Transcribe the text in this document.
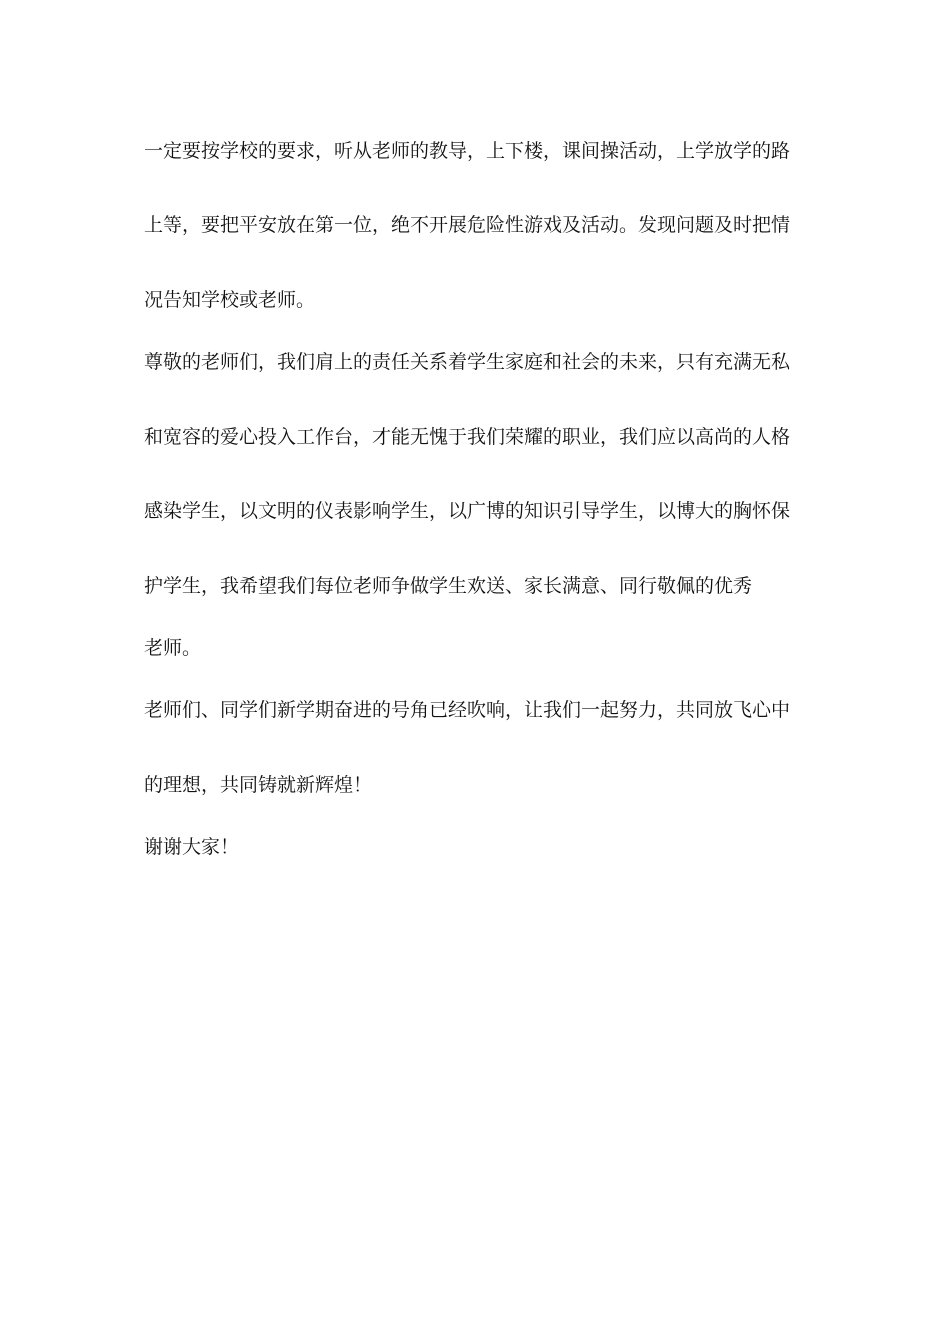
一定要按学校的要求，听从老师的教导，上下楼，课间操活动，上学放学的路
上等，要把平安放在第一位，绝不开展危险性游戏及活动。发现问题及时把情
况告知学校或老师。
尊敬的老师们，我们肩上的责任关系着学生家庭和社会的未来，只有充满无私
和宽容的爱心投入工作台，才能无愧于我们荣耀的职业，我们应以高尚的人格
感染学生，以文明的仪表影响学生，以广博的知识引导学生，以博大的胸怀保
护学生，我希望我们每位老师争做学生欢送、家长满意、同行敬佩的优秀
老师。
老师们、同学们新学期奋进的号角已经吹响，让我们一起努力，共同放飞心中
的理想，共同铸就新辉煌！
谢谢大家！
